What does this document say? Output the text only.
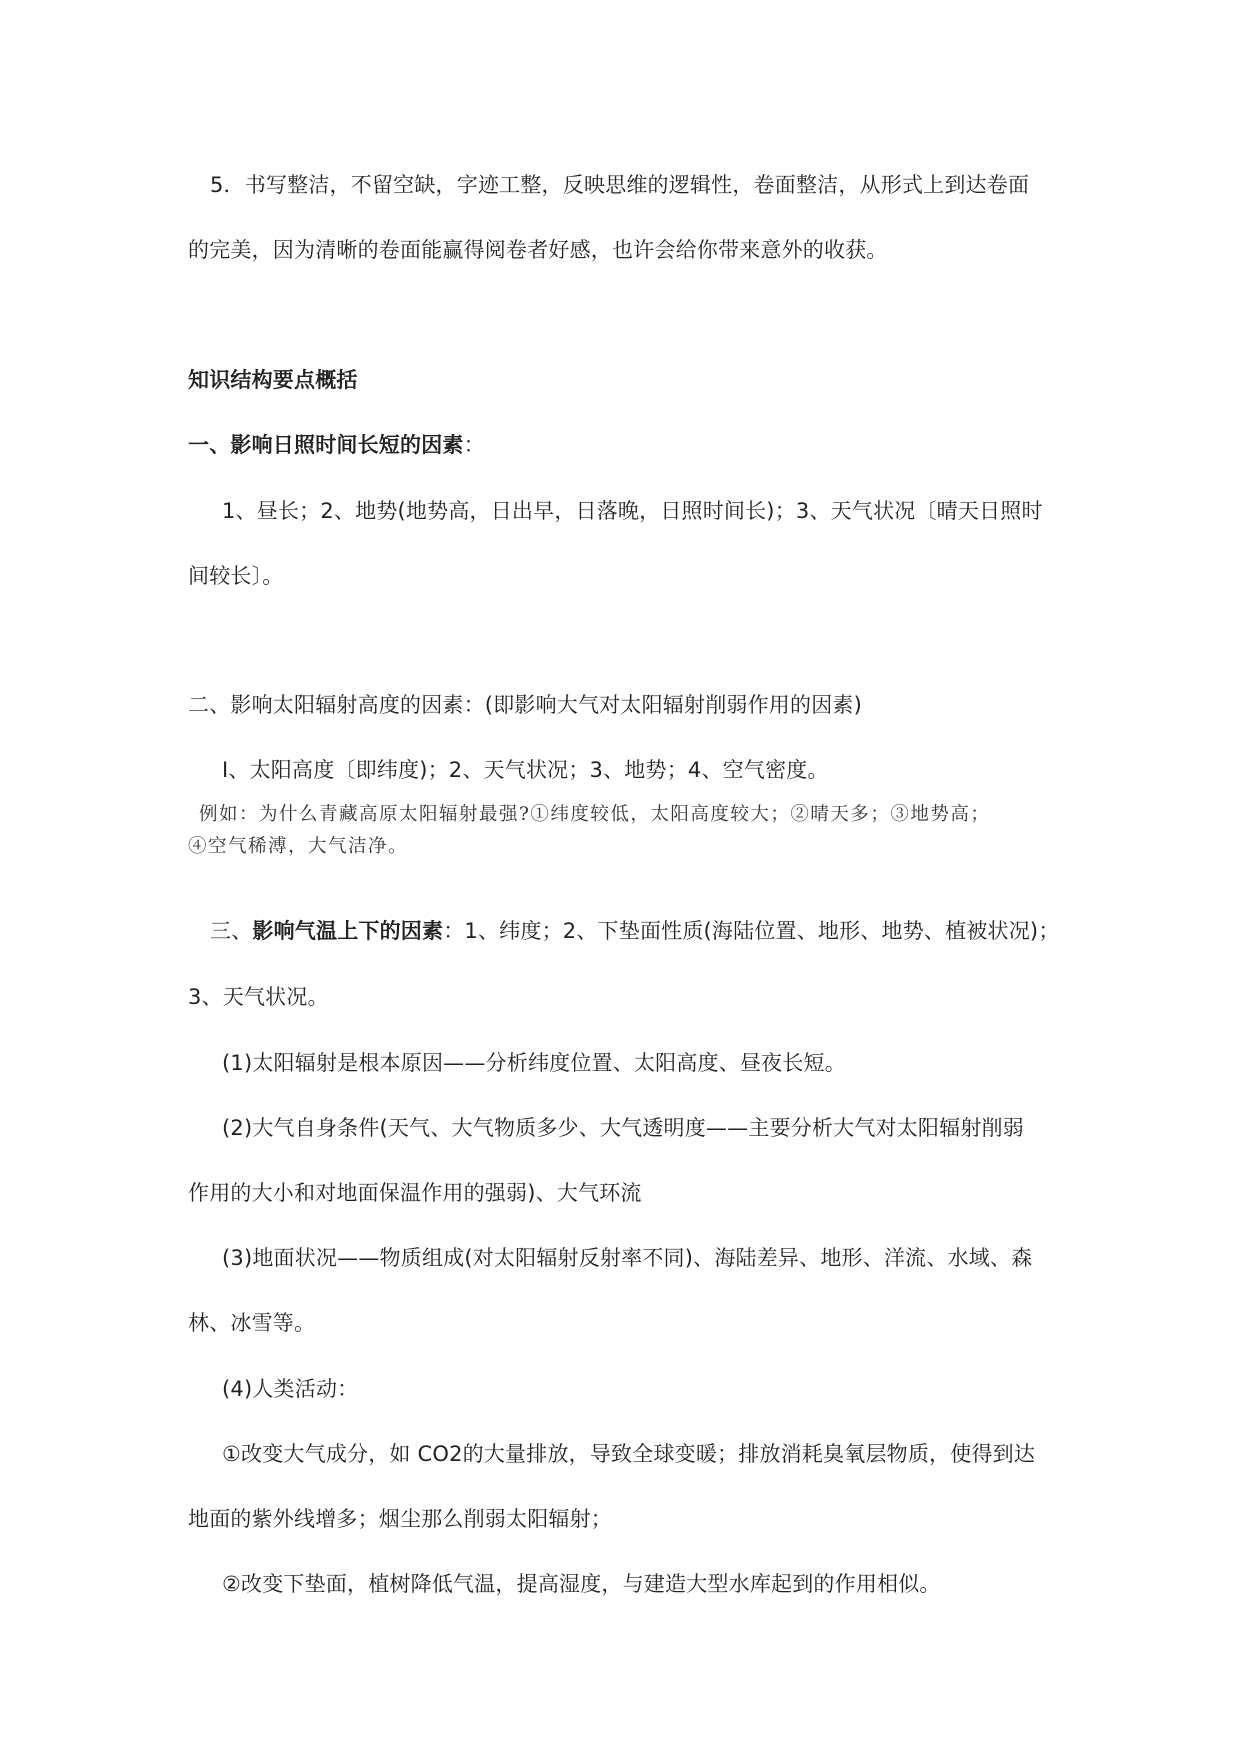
5．书写整洁，不留空缺，字迹工整，反映思维的逻辑性，卷面整洁，从形式上到达卷面
的完美，因为清晰的卷面能赢得阅卷者好感，也许会给你带来意外的收获。
知识结构要点概括
一、影响日照时间长短的因素：
1、昼长；2、地势(地势高，日出早，日落晚，日照时间长)；3、天气状况〔晴天日照时
间较长〕。
二、影响太阳辐射高度的因素：(即影响大气对太阳辐射削弱作用的因素)
Ⅰ、太阳高度〔即纬度)；2、天气状况；3、地势；4、空气密度。
例如：为什么青藏高原太阳辐射最强?①纬度较低，太阳高度较大；②晴天多；③地势高；
④空气稀溥，大气洁净。
三、影响气温上下的因素：1、纬度；2、下垫面性质(海陆位置、地形、地势、植被状况)；
3、天气状况。
(1)太阳辐射是根本原因——分析纬度位置、太阳高度、昼夜长短。
(2)大气自身条件(天气、大气物质多少、大气透明度——主要分析大气对太阳辐射削弱
作用的大小和对地面保温作用的强弱)、大气环流
(3)地面状况——物质组成(对太阳辐射反射率不同)、海陆差异、地形、洋流、水域、森
林、冰雪等。
(4)人类活动：
①改变大气成分，如 CO2的大量排放，导致全球变暖；排放消耗臭氧层物质，使得到达
地面的紫外线增多；烟尘那么削弱太阳辐射；
②改变下垫面，植树降低气温，提高湿度，与建造大型水库起到的作用相似。
